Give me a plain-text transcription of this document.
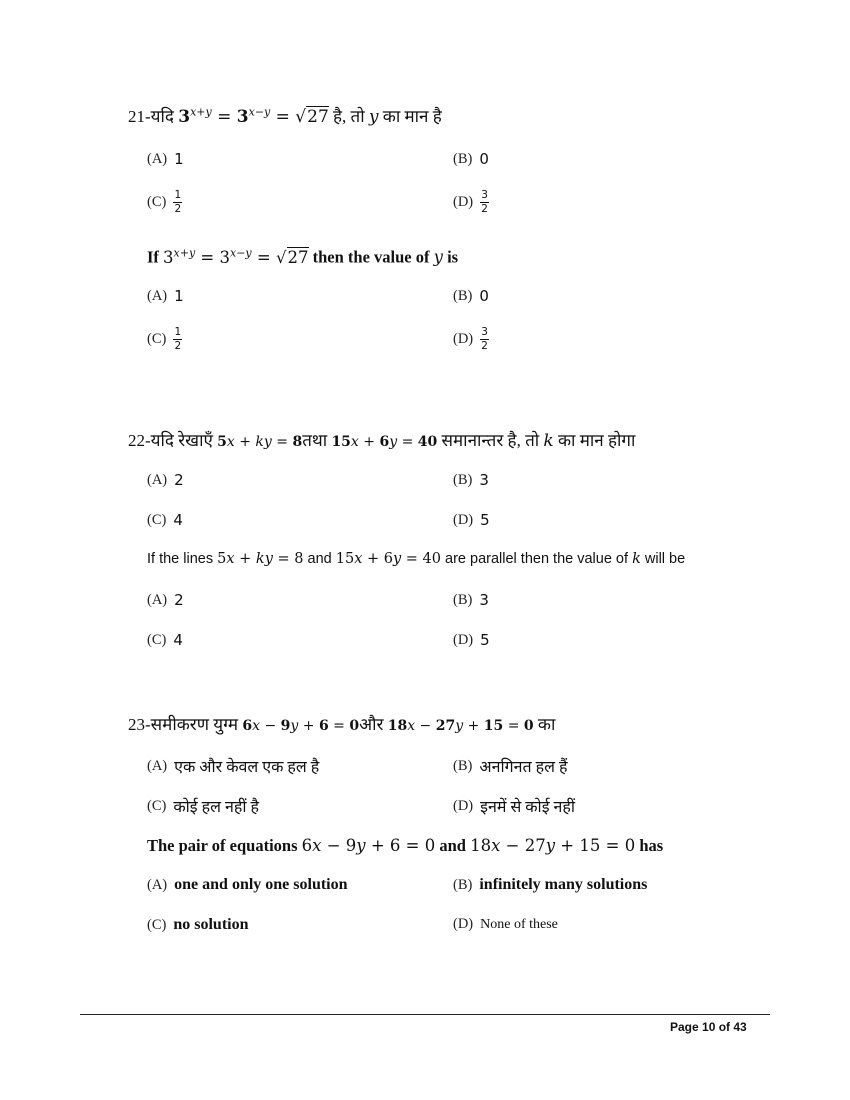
21-यदि $3^{x+y} = 3^{x-y} = √27$ है, तो y का मान है
(A) 1	(B) 0
$(C) \frac{1}{2}$	$(D) \frac{3}{2}$
If $3^{x+y} = 3^{x-y} = √27$ then the value of y is
(A) 1	(B) 0
$(C) \frac{1}{2}$	$(D) \frac{3}{2}$
22-यदि रेखाएँ 5x + ky = 8तथा 15x + 6y = 40 समानान्तर है, तो k का मान होगा
(A) 2	(B) 3
(C) 4	(D) 5
If the lines 5x + ky = 8 and 15x + 6y = 40 are parallel then the value of k will be
(A) 2	(B) 3
(C) 4	(D) 5
23-समीकरण युग्म 6x − 9y + 6 = 0और 18x − 27y + 15 = 0 का
(A) एक और केवल एक हल है	(B) अनगिनत हल हैं
(C) कोई हल नहीं है	(D) इनमें से कोई नहीं
The pair of equations 6x − 9y + 6 = 0 and 18x − 27y + 15 = 0 has
(A) one and only one solution	(B) infinitely many solutions
(C) no solution	(D) None of these
Page 10 of 43
